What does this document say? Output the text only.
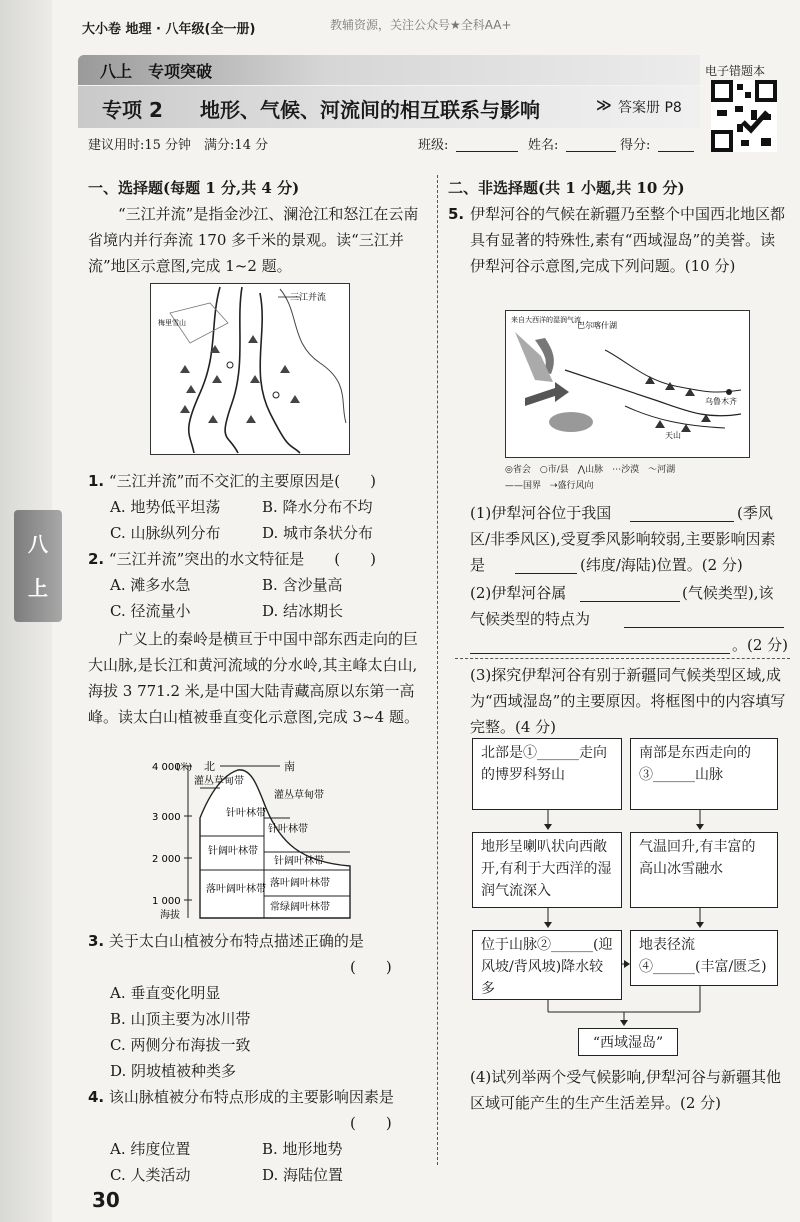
大小卷 地理 · 八年级(全一册)	教辅资源，关注公众号★全科AA+
八上　专项突破
专项 2 地形、气候、河流间的相互联系与影响	≫ 答案册 P8
电子错题本
建议用时:15 分钟　满分:14 分	班级:	姓名:	得分:
八
上
一、选择题(每题 1 分,共 4 分)
“三江并流”是指金沙江、澜沧江和怒江在云南省境内并行奔流 170 多千米的景观。读“三江并流”地区示意图,完成 1~2 题。
三江并流
梅里雪山
1. “三江并流”而不交汇的主要原因是(　　)
A. 地势低平坦荡	B. 降水分布不均
C. 山脉纵列分布	D. 城市条状分布
2. “三江并流”突出的水文特征是　　(　　)
A. 滩多水急	B. 含沙量高
C. 径流量小	D. 结冰期长
广义上的秦岭是横亘于中国中部东西走向的巨大山脉,是长江和黄河流域的分水岭,其主峰太白山,海拔 3 771.2 米,是中国大陆青藏高原以东第一高峰。读太白山植被垂直变化示意图,完成 3~4 题。
4 000
(米) 北	南
3 000
2 000
1 000
海拔
灌丛草甸带
灌丛草甸带
针叶林带
针叶林带
针阔叶林带
针阔叶林带
落叶阔叶林带
落叶阔叶林带
常绿阔叶林带
3. 关于太白山植被分布特点描述正确的是
(　　)
A. 垂直变化明显
B. 山顶主要为冰川带
C. 两侧分布海拔一致
D. 阴坡植被种类多
4. 该山脉植被分布特点形成的主要影响因素是
(　　)
A. 纬度位置	B. 地形地势
C. 人类活动	D. 海陆位置
30
二、非选择题(共 1 小题,共 10 分)
5. 伊犁河谷的气候在新疆乃至整个中国西北地区都具有显著的特殊性,素有“西域湿岛”的美誉。读伊犁河谷示意图,完成下列问题。(10 分)
来自大西洋的湿润气流
巴尔喀什湖
乌鲁木齐
天山
◎省会　○市/县　⋀山脉　⋯沙漠　～河湖
——国界　⇢盛行风向
(1)伊犁河谷位于我国	(季风区/非季风区),受夏季风影响较弱,主要影响因素是	(纬度/海陆)位置。(2 分)
(2)伊犁河谷属	(气候类型),该气候类型的特点为
。(2 分)
(3)探究伊犁河谷有别于新疆同气候类型区域,成为“西域湿岛”的主要原因。将框图中的内容填写完整。(4 分)
北部是①______走向的博罗科努山
南部是东西走向的③______山脉
地形呈喇叭状向西敞开,有利于大西洋的湿润气流深入
气温回升,有丰富的高山冰雪融水
位于山脉②______(迎风坡/背风坡)降水较多
地表径流④______(丰富/匮乏)
“西域湿岛”
(4)试列举两个受气候影响,伊犁河谷与新疆其他区域可能产生的生产生活差异。(2 分)
